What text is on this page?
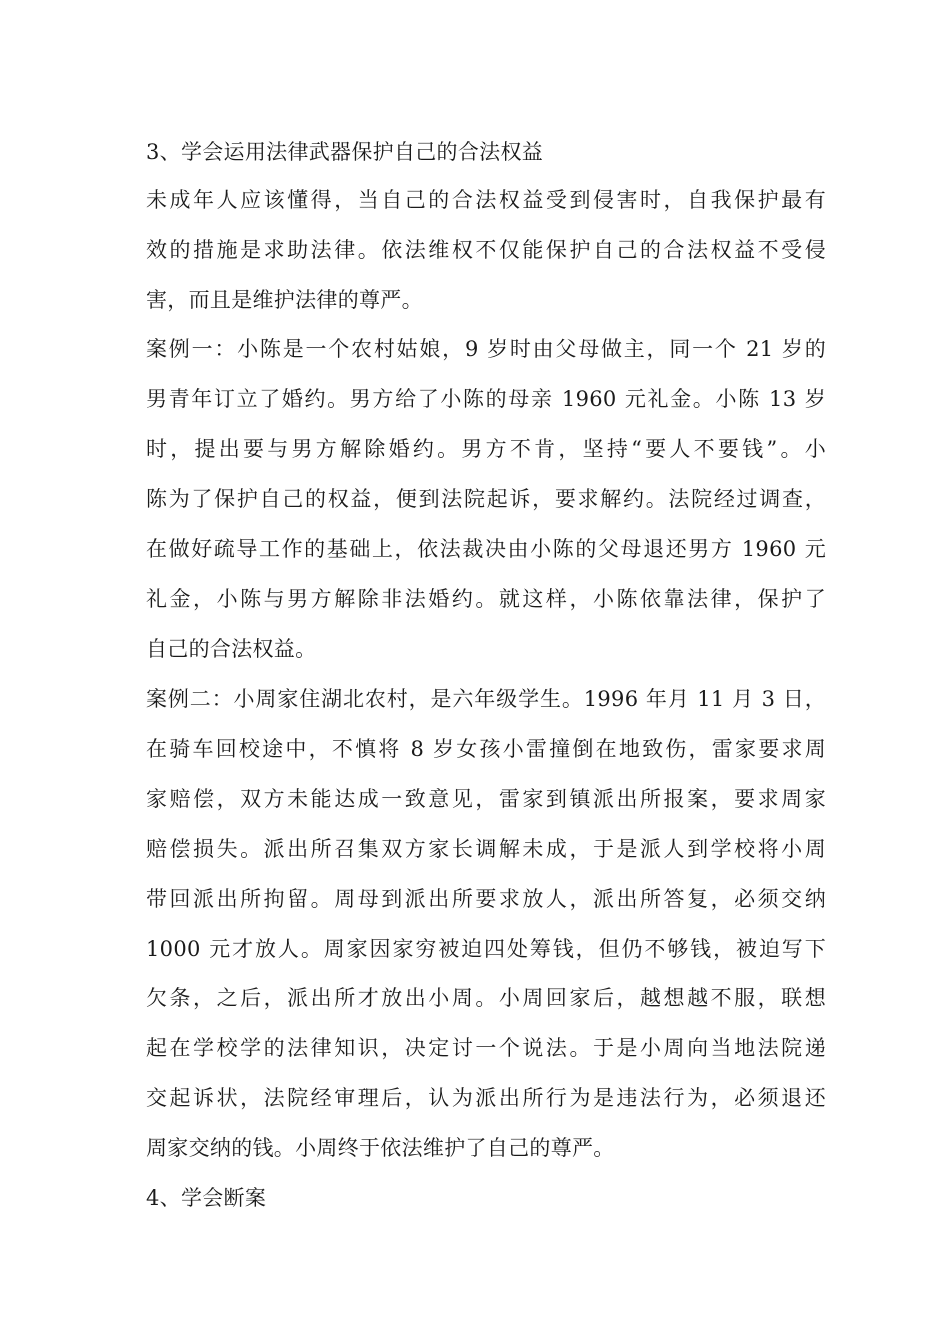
3、学会运用法律武器保护自己的合法权益
未成年人应该懂得，当自己的合法权益受到侵害时，自我保护最有
效的措施是求助法律。依法维权不仅能保护自己的合法权益不受侵
害，而且是维护法律的尊严。
案例一：小陈是一个农村姑娘，9 岁时由父母做主，同一个 21 岁的
男青年订立了婚约。男方给了小陈的母亲 1960 元礼金。小陈 13 岁
时，提出要与男方解除婚约。男方不肯，坚持“要人不要钱”。小
陈为了保护自己的权益，便到法院起诉，要求解约。法院经过调查，
在做好疏导工作的基础上，依法裁决由小陈的父母退还男方 1960 元
礼金，小陈与男方解除非法婚约。就这样，小陈依靠法律，保护了
自己的合法权益。
案例二：小周家住湖北农村，是六年级学生。1996 年月 11 月 3 日，
在骑车回校途中，不慎将 8 岁女孩小雷撞倒在地致伤，雷家要求周
家赔偿，双方未能达成一致意见，雷家到镇派出所报案，要求周家
赔偿损失。派出所召集双方家长调解未成，于是派人到学校将小周
带回派出所拘留。周母到派出所要求放人，派出所答复，必须交纳
1000 元才放人。周家因家穷被迫四处筹钱，但仍不够钱，被迫写下
欠条，之后，派出所才放出小周。小周回家后，越想越不服，联想
起在学校学的法律知识，决定讨一个说法。于是小周向当地法院递
交起诉状，法院经审理后，认为派出所行为是违法行为，必须退还
周家交纳的钱。小周终于依法维护了自己的尊严。
4、学会断案
